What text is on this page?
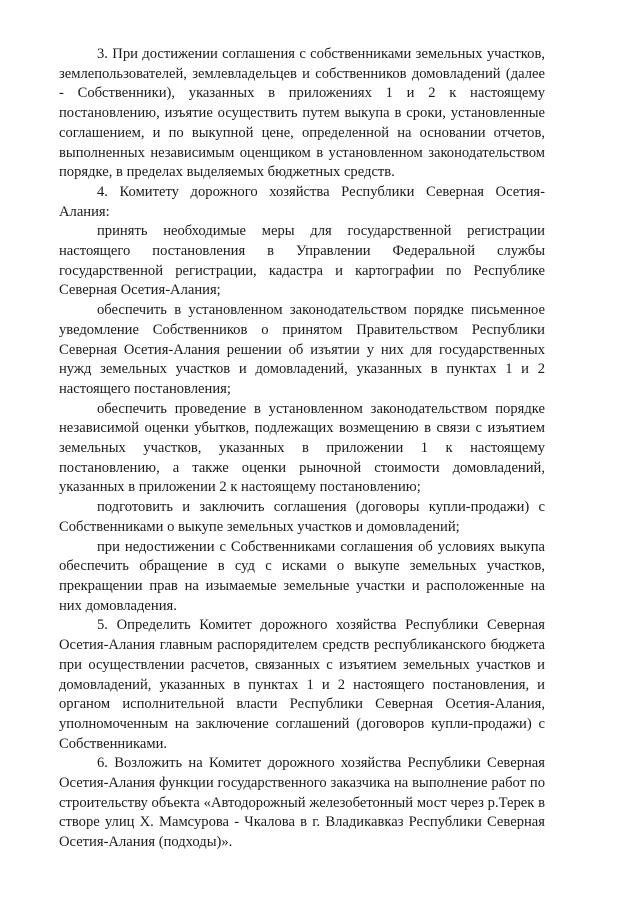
3. При достижении соглашения с собственниками земельных участков, землепользователей, землевладельцев и собственников домовладений (далее - Собственники), указанных в приложениях 1 и 2 к настоящему постановлению, изъятие осуществить путем выкупа в сроки, установленные соглашением, и по выкупной цене, определенной на основании отчетов, выполненных независимым оценщиком в установленном законодательством порядке, в пределах выделяемых бюджетных средств.

4. Комитету дорожного хозяйства Республики Северная Осетия-Алания:

принять необходимые меры для государственной регистрации настоящего постановления в Управлении Федеральной службы государственной регистрации, кадастра и картографии по Республике Северная Осетия-Алания;

обеспечить в установленном законодательством порядке письменное уведомление Собственников о принятом Правительством Республики Северная Осетия-Алания решении об изъятии у них для государственных нужд земельных участков и домовладений, указанных в пунктах 1 и 2 настоящего постановления;

обеспечить проведение в установленном законодательством порядке независимой оценки убытков, подлежащих возмещению в связи с изъятием земельных участков, указанных в приложении 1 к настоящему постановлению, а также оценки рыночной стоимости домовладений, указанных в приложении 2 к настоящему постановлению;

подготовить и заключить соглашения (договоры купли-продажи) с Собственниками о выкупе земельных участков и домовладений;

при недостижении с Собственниками соглашения об условиях выкупа обеспечить обращение в суд с исками о выкупе земельных участков, прекращении прав на изымаемые земельные участки и расположенные на них домовладения.

5. Определить Комитет дорожного хозяйства Республики Северная Осетия-Алания главным распорядителем средств республиканского бюджета при осуществлении расчетов, связанных с изъятием земельных участков и домовладений, указанных в пунктах 1 и 2 настоящего постановления, и органом исполнительной власти Республики Северная Осетия-Алания, уполномоченным на заключение соглашений (договоров купли-продажи) с Собственниками.

6. Возложить на Комитет дорожного хозяйства Республики Северная Осетия-Алания функции государственного заказчика на выполнение работ по строительству объекта «Автодорожный железобетонный мост через р.Терек в створе улиц Х. Мамсурова - Чкалова в г. Владикавказ Республики Северная Осетия-Алания (подходы)».
